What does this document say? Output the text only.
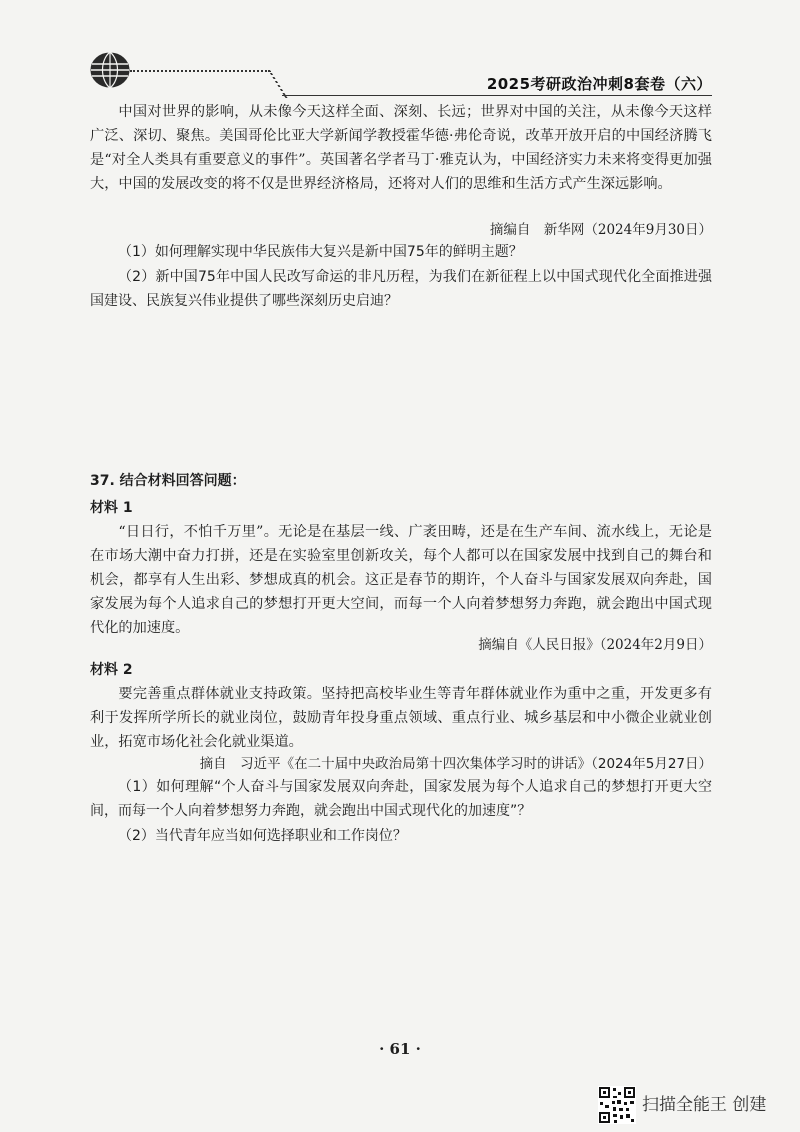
2025考研政治冲刺8套卷（六）

中国对世界的影响，从未像今天这样全面、深刻、长远；世界对中国的关注，从未像今天这样广泛、深切、聚焦。美国哥伦比亚大学新闻学教授霍华德·弗伦奇说，改革开放开启的中国经济腾飞是“对全人类具有重要意义的事件”。英国著名学者马丁·雅克认为，中国经济实力未来将变得更加强大，中国的发展改变的将不仅是世界经济格局，还将对人们的思维和生活方式产生深远影响。

摘编自　新华网（2024年9月30日）

（1）如何理解实现中华民族伟大复兴是新中国75年的鲜明主题？

（2）新中国75年中国人民改写命运的非凡历程，为我们在新征程上以中国式现代化全面推进强国建设、民族复兴伟业提供了哪些深刻历史启迪？

37. 结合材料回答问题：
材料 1

“日日行，不怕千万里”。无论是在基层一线、广袤田畴，还是在生产车间、流水线上，无论是在市场大潮中奋力打拼，还是在实验室里创新攻关，每个人都可以在国家发展中找到自己的舞台和机会，都享有人生出彩、梦想成真的机会。这正是春节的期许，个人奋斗与国家发展双向奔赴，国家发展为每个人追求自己的梦想打开更大空间，而每一个人向着梦想努力奔跑，就会跑出中国式现代化的加速度。

摘编自《人民日报》（2024年2月9日）
材料 2

要完善重点群体就业支持政策。坚持把高校毕业生等青年群体就业作为重中之重，开发更多有利于发挥所学所长的就业岗位，鼓励青年投身重点领域、重点行业、城乡基层和中小微企业就业创业，拓宽市场化社会化就业渠道。

摘自　习近平《在二十届中央政治局第十四次集体学习时的讲话》（2024年5月27日）

（1）如何理解“个人奋斗与国家发展双向奔赴，国家发展为每个人追求自己的梦想打开更大空间，而每一个人向着梦想努力奔跑，就会跑出中国式现代化的加速度”？

（2）当代青年应当如何选择职业和工作岗位？

· 61 ·
扫描全能王 创建
